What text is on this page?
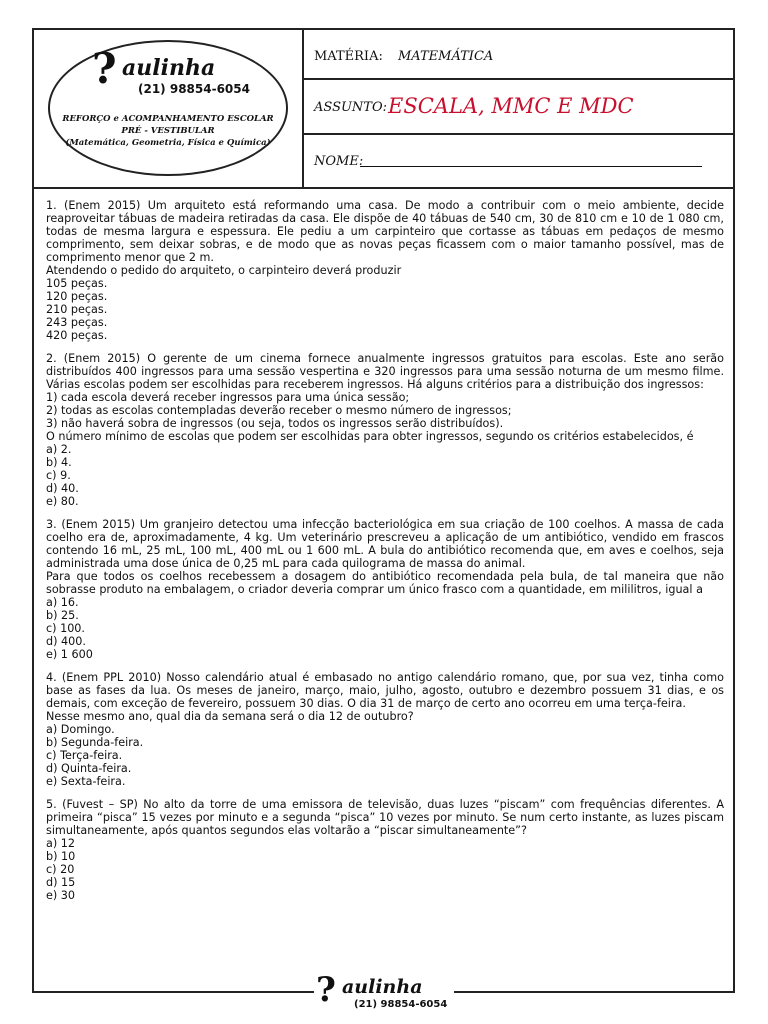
? aulinha
(21) 98854-6054
REFORÇO e ACOMPANHAMENTO ESCOLAR
PRÉ - VESTIBULAR
(Matemática, Geometria, Física e Química)
MATÉRIA: MATEMÁTICA
ASSUNTO: ESCALA, MMC E MDC
NOME:

1. (Enem 2015) Um arquiteto está reformando uma casa. De modo a contribuir com o meio ambiente, decide reaproveitar tábuas de madeira retiradas da casa. Ele dispõe de 40 tábuas de 540 cm, 30 de 810 cm e 10 de 1 080 cm, todas de mesma largura e espessura. Ele pediu a um carpinteiro que cortasse as tábuas em pedaços de mesmo comprimento, sem deixar sobras, e de modo que as novas peças ficassem com o maior tamanho possível, mas de comprimento menor que 2 m.

Atendendo o pedido do arquiteto, o carpinteiro deverá produzir

105 peças.

120 peças.

210 peças.

243 peças.

420 peças.

2. (Enem 2015) O gerente de um cinema fornece anualmente ingressos gratuitos para escolas. Este ano serão distribuídos 400 ingressos para uma sessão vespertina e 320 ingressos para uma sessão noturna de um mesmo filme. Várias escolas podem ser escolhidas para receberem ingressos. Há alguns critérios para a distribuição dos ingressos:

1) cada escola deverá receber ingressos para uma única sessão;

2) todas as escolas contempladas deverão receber o mesmo número de ingressos;

3) não haverá sobra de ingressos (ou seja, todos os ingressos serão distribuídos).

O número mínimo de escolas que podem ser escolhidas para obter ingressos, segundo os critérios estabelecidos, é

a) 2.

b) 4.

c) 9.

d) 40.

e) 80.

3. (Enem 2015) Um granjeiro detectou uma infecção bacteriológica em sua criação de 100 coelhos. A massa de cada coelho era de, aproximadamente, 4 kg. Um veterinário prescreveu a aplicação de um antibiótico, vendido em frascos contendo 16 mL, 25 mL, 100 mL, 400 mL ou 1 600 mL. A bula do antibiótico recomenda que, em aves e coelhos, seja administrada uma dose única de 0,25 mL para cada quilograma de massa do animal.

Para que todos os coelhos recebessem a dosagem do antibiótico recomendada pela bula, de tal maneira que não sobrasse produto na embalagem, o criador deveria comprar um único frasco com a quantidade, em mililitros, igual a

a) 16.

b) 25.

c) 100.

d) 400.

e) 1 600

4. (Enem PPL 2010) Nosso calendário atual é embasado no antigo calendário romano, que, por sua vez, tinha como base as fases da lua. Os meses de janeiro, março, maio, julho, agosto, outubro e dezembro possuem 31 dias, e os demais, com exceção de fevereiro, possuem 30 dias. O dia 31 de março de certo ano ocorreu em uma terça-feira.

Nesse mesmo ano, qual dia da semana será o dia 12 de outubro?

a) Domingo.

b) Segunda-feira.

c) Terça-feira.

d) Quinta-feira.

e) Sexta-feira.

5. (Fuvest – SP) No alto da torre de uma emissora de televisão, duas luzes “piscam” com frequências diferentes. A primeira “pisca” 15 vezes por minuto e a segunda “pisca” 10 vezes por minuto. Se num certo instante, as luzes piscam simultaneamente, após quantos segundos elas voltarão a “piscar simultaneamente”?

a) 12

b) 10

c) 20

d) 15

e) 30

? aulinha
(21) 98854-6054
